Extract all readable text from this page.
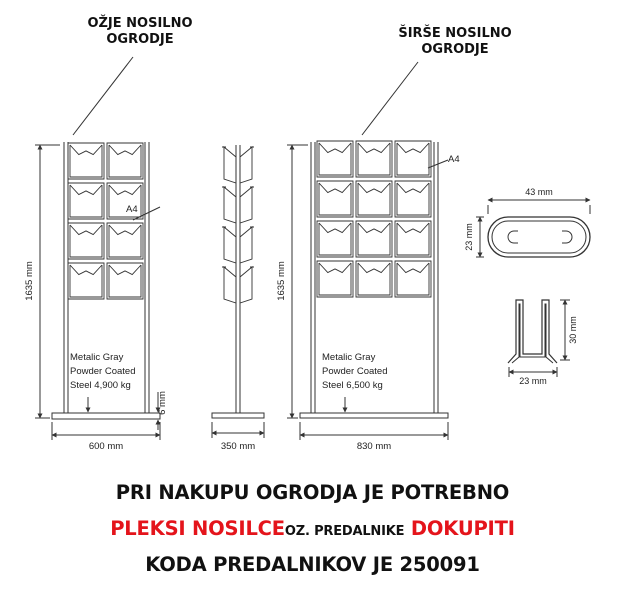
A4
1635 mm
600 mm
6 mm
Metalic Gray
Powder Coated
Steel 4,900 kg
350 mm
A4
1635 mm
830 mm
Metalic Gray
Powder Coated
Steel 6,500 kg
43 mm
23 mm
23 mm
30 mm
OŽJE NOSILNO OGRODJE	ŠIRŠE NOSILNO OGRODJE
PRI NAKUPU OGRODJA JE POTREBNO
PLEKSI NOSILCEOZ. PREDALNIKE DOKUPITI
KODA PREDALNIKOV JE 250091
